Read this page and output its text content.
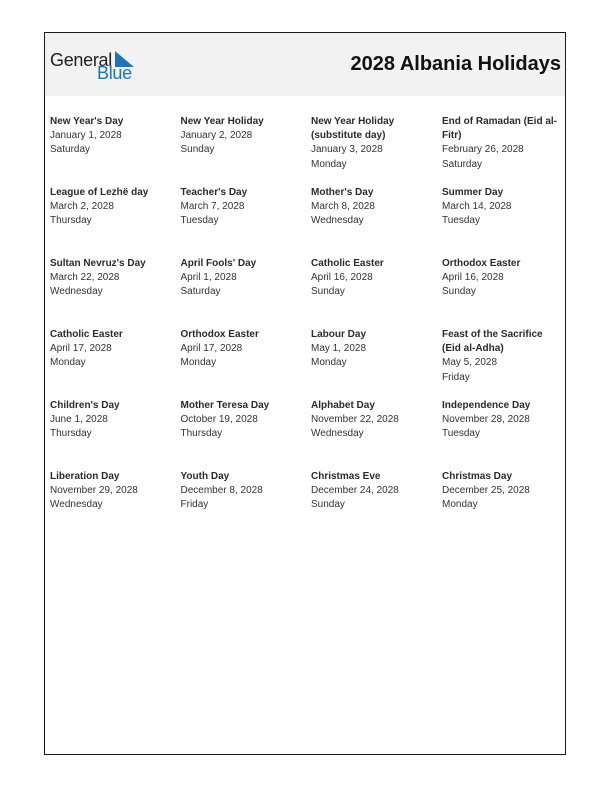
General
Blue	2028 Albania Holidays
New Year's Day
January 1, 2028
Saturday
New Year Holiday
January 2, 2028
Sunday
New Year Holiday (substitute day)
January 3, 2028
Monday
End of Ramadan (Eid al-Fitr)
February 26, 2028
Saturday
League of Lezhë day
March 2, 2028
Thursday
Teacher's Day
March 7, 2028
Tuesday
Mother's Day
March 8, 2028
Wednesday
Summer Day
March 14, 2028
Tuesday
Sultan Nevruz's Day
March 22, 2028
Wednesday
April Fools' Day
April 1, 2028
Saturday
Catholic Easter
April 16, 2028
Sunday
Orthodox Easter
April 16, 2028
Sunday
Catholic Easter
April 17, 2028
Monday
Orthodox Easter
April 17, 2028
Monday
Labour Day
May 1, 2028
Monday
Feast of the Sacrifice (Eid al-Adha)
May 5, 2028
Friday
Children's Day
June 1, 2028
Thursday
Mother Teresa Day
October 19, 2028
Thursday
Alphabet Day
November 22, 2028
Wednesday
Independence Day
November 28, 2028
Tuesday
Liberation Day
November 29, 2028
Wednesday
Youth Day
December 8, 2028
Friday
Christmas Eve
December 24, 2028
Sunday
Christmas Day
December 25, 2028
Monday
